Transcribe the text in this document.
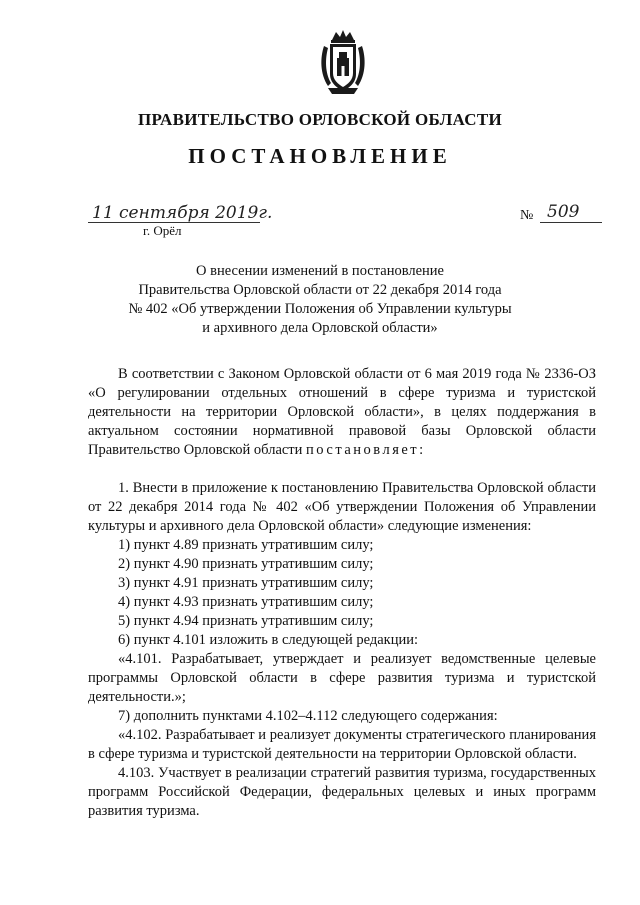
ПРАВИТЕЛЬСТВО ОРЛОВСКОЙ ОБЛАСТИ
ПОСТАНОВЛЕНИЕ
11 сентября 2019г.
г. Орёл
№ 509
О внесении изменений в постановление
Правительства Орловской области от 22 декабря 2014 года
№ 402 «Об утверждении Положения об Управлении культуры
и архивного дела Орловской области»

В соответствии с Законом Орловской области от 6 мая 2019 года № 2336-ОЗ «О регулировании отдельных отношений в сфере туризма и туристской деятельности на территории Орловской области», в целях поддержания в актуальном состоянии нормативной правовой базы Орловской области Правительство Орловской области постановляет:

1. Внести в приложение к постановлению Правительства Орловской области от 22 декабря 2014 года № 402 «Об утверждении Положения об Управлении культуры и архивного дела Орловской области» следующие изменения:

1) пункт 4.89 признать утратившим силу;

2) пункт 4.90 признать утратившим силу;

3) пункт 4.91 признать утратившим силу;

4) пункт 4.93 признать утратившим силу;

5) пункт 4.94 признать утратившим силу;

6) пункт 4.101 изложить в следующей редакции:

«4.101. Разрабатывает, утверждает и реализует ведомственные целевые программы Орловской области в сфере развития туризма и туристской деятельности.»;

7) дополнить пунктами 4.102–4.112 следующего содержания:

«4.102. Разрабатывает и реализует документы стратегического планирования в сфере туризма и туристской деятельности на территории Орловской области.

4.103. Участвует в реализации стратегий развития туризма, государственных программ Российской Федерации, федеральных целевых и иных программ развития туризма.
